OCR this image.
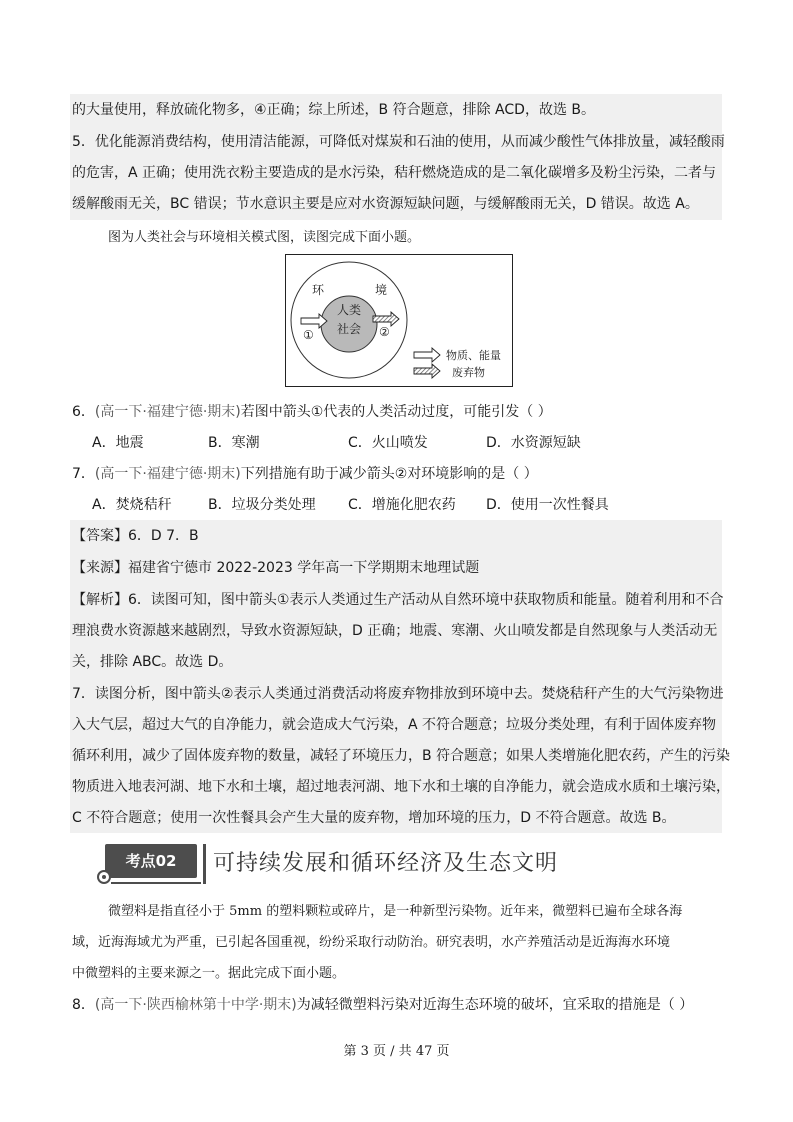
的大量使用，释放硫化物多，④正确；综上所述，B 符合题意，排除 ACD，故选 B。
5．优化能源消费结构，使用清洁能源，可降低对煤炭和石油的使用，从而减少酸性气体排放量，减轻酸雨
的危害，A 正确；使用洗衣粉主要造成的是水污染，秸秆燃烧造成的是二氧化碳增多及粉尘污染，二者与
缓解酸雨无关，BC 错误；节水意识主要是应对水资源短缺问题，与缓解酸雨无关，D 错误。故选 A。
图为人类社会与环境相关模式图，读图完成下面小题。
环	境
人类
社会
①	②
物质、能量
废弃物
6．(高一下·福建宁德·期末)若图中箭头①代表的人类活动过度，可能引发（ ）
A．地震	B．寒潮	C．火山喷发	D．水资源短缺
7．(高一下·福建宁德·期末)下列措施有助于减少箭头②对环境影响的是（ ）
A．焚烧秸秆	B．垃圾分类处理 C．增施化肥农药 D．使用一次性餐具
【答案】6．D 7．B
【来源】福建省宁德市 2022-2023 学年高一下学期期末地理试题
【解析】6．读图可知，图中箭头①表示人类通过生产活动从自然环境中获取物质和能量。随着利用和不合
理浪费水资源越来越剧烈，导致水资源短缺，D 正确；地震、寒潮、火山喷发都是自然现象与人类活动无
关，排除 ABC。故选 D。
7．读图分析，图中箭头②表示人类通过消费活动将废弃物排放到环境中去。焚烧秸秆产生的大气污染物进
入大气层，超过大气的自净能力，就会造成大气污染，A 不符合题意；垃圾分类处理，有利于固体废弃物
循环利用，减少了固体废弃物的数量，减轻了环境压力，B 符合题意；如果人类增施化肥农药，产生的污染
物质进入地表河湖、地下水和土壤，超过地表河湖、地下水和土壤的自净能力，就会造成水质和土壤污染，
C 不符合题意；使用一次性餐具会产生大量的废弃物，增加环境的压力，D 不符合题意。故选 B。
考点02	可持续发展和循环经济及生态文明
微塑料是指直径小于 5mm 的塑料颗粒或碎片，是一种新型污染物。近年来，微塑料已遍布全球各海
域，近海海域尤为严重，已引起各国重视，纷纷采取行动防治。研究表明，水产养殖活动是近海海水环境
中微塑料的主要来源之一。据此完成下面小题。
8．(高一下·陕西榆林第十中学·期末)为减轻微塑料污染对近海生态环境的破坏，宜采取的措施是（ ）
第 3 页 / 共 47 页
